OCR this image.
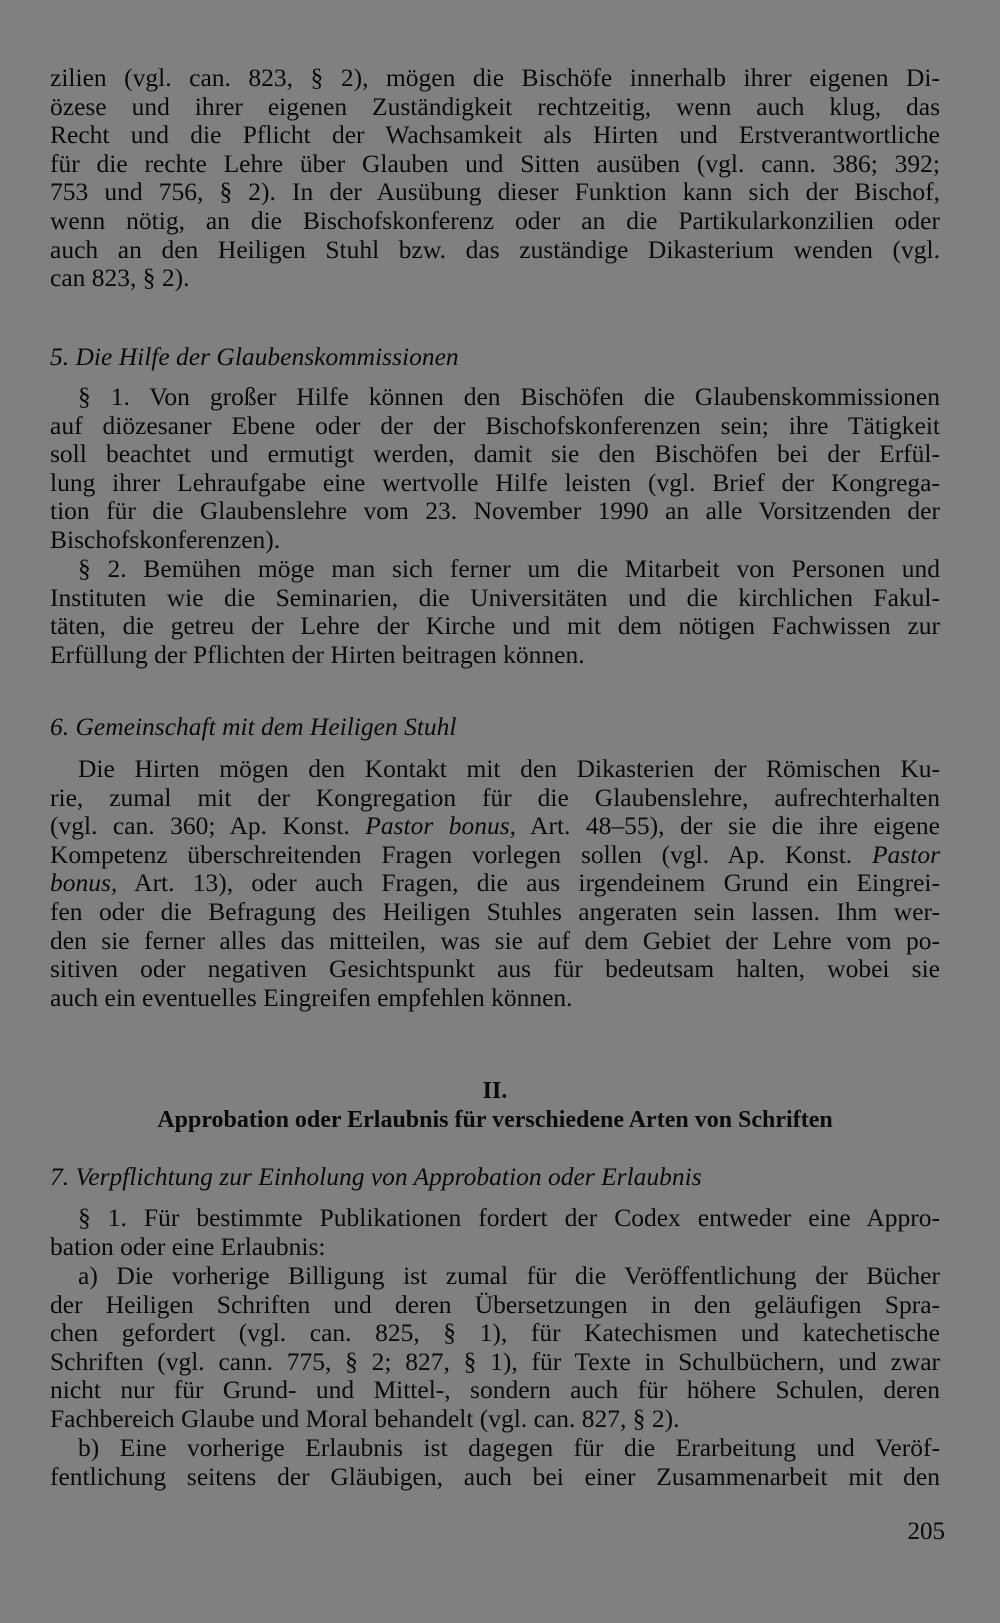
zilien (vgl. can. 823, § 2), mögen die Bischöfe innerhalb ihrer eigenen Di-
özese und ihrer eigenen Zuständigkeit rechtzeitig, wenn auch klug, das
Recht und die Pflicht der Wachsamkeit als Hirten und Erstverantwortliche
für die rechte Lehre über Glauben und Sitten ausüben (vgl. cann. 386; 392;
753 und 756, § 2). In der Ausübung dieser Funktion kann sich der Bischof,
wenn nötig, an die Bischofskonferenz oder an die Partikularkonzilien oder
auch an den Heiligen Stuhl bzw. das zuständige Dikasterium wenden (vgl.
can 823, § 2).

5. Die Hilfe der Glaubenskommissionen

§ 1. Von großer Hilfe können den Bischöfen die Glaubenskommissionen
auf diözesaner Ebene oder der der Bischofskonferenzen sein; ihre Tätigkeit
soll beachtet und ermutigt werden, damit sie den Bischöfen bei der Erfül-
lung ihrer Lehraufgabe eine wertvolle Hilfe leisten (vgl. Brief der Kongrega-
tion für die Glaubenslehre vom 23. November 1990 an alle Vorsitzenden der
Bischofskonferenzen).
§ 2. Bemühen möge man sich ferner um die Mitarbeit von Personen und
Instituten wie die Seminarien, die Universitäten und die kirchlichen Fakul-
täten, die getreu der Lehre der Kirche und mit dem nötigen Fachwissen zur
Erfüllung der Pflichten der Hirten beitragen können.

6. Gemeinschaft mit dem Heiligen Stuhl

Die Hirten mögen den Kontakt mit den Dikasterien der Römischen Ku-
rie, zumal mit der Kongregation für die Glaubenslehre, aufrechterhalten
(vgl. can. 360; Ap. Konst. Pastor bonus, Art. 48–55), der sie die ihre eigene
Kompetenz überschreitenden Fragen vorlegen sollen (vgl. Ap. Konst. Pastor
bonus, Art. 13), oder auch Fragen, die aus irgendeinem Grund ein Eingrei-
fen oder die Befragung des Heiligen Stuhles angeraten sein lassen. Ihm wer-
den sie ferner alles das mitteilen, was sie auf dem Gebiet der Lehre vom po-
sitiven oder negativen Gesichtspunkt aus für bedeutsam halten, wobei sie
auch ein eventuelles Eingreifen empfehlen können.

II.

Approbation oder Erlaubnis für verschiedene Arten von Schriften

7. Verpflichtung zur Einholung von Approbation oder Erlaubnis

§ 1. Für bestimmte Publikationen fordert der Codex entweder eine Appro-
bation oder eine Erlaubnis:
a) Die vorherige Billigung ist zumal für die Veröffentlichung der Bücher
der Heiligen Schriften und deren Übersetzungen in den geläufigen Spra-
chen gefordert (vgl. can. 825, § 1), für Katechismen und katechetische
Schriften (vgl. cann. 775, § 2; 827, § 1), für Texte in Schulbüchern, und zwar
nicht nur für Grund- und Mittel-, sondern auch für höhere Schulen, deren
Fachbereich Glaube und Moral behandelt (vgl. can. 827, § 2).
b) Eine vorherige Erlaubnis ist dagegen für die Erarbeitung und Veröf-
fentlichung seitens der Gläubigen, auch bei einer Zusammenarbeit mit den
205
